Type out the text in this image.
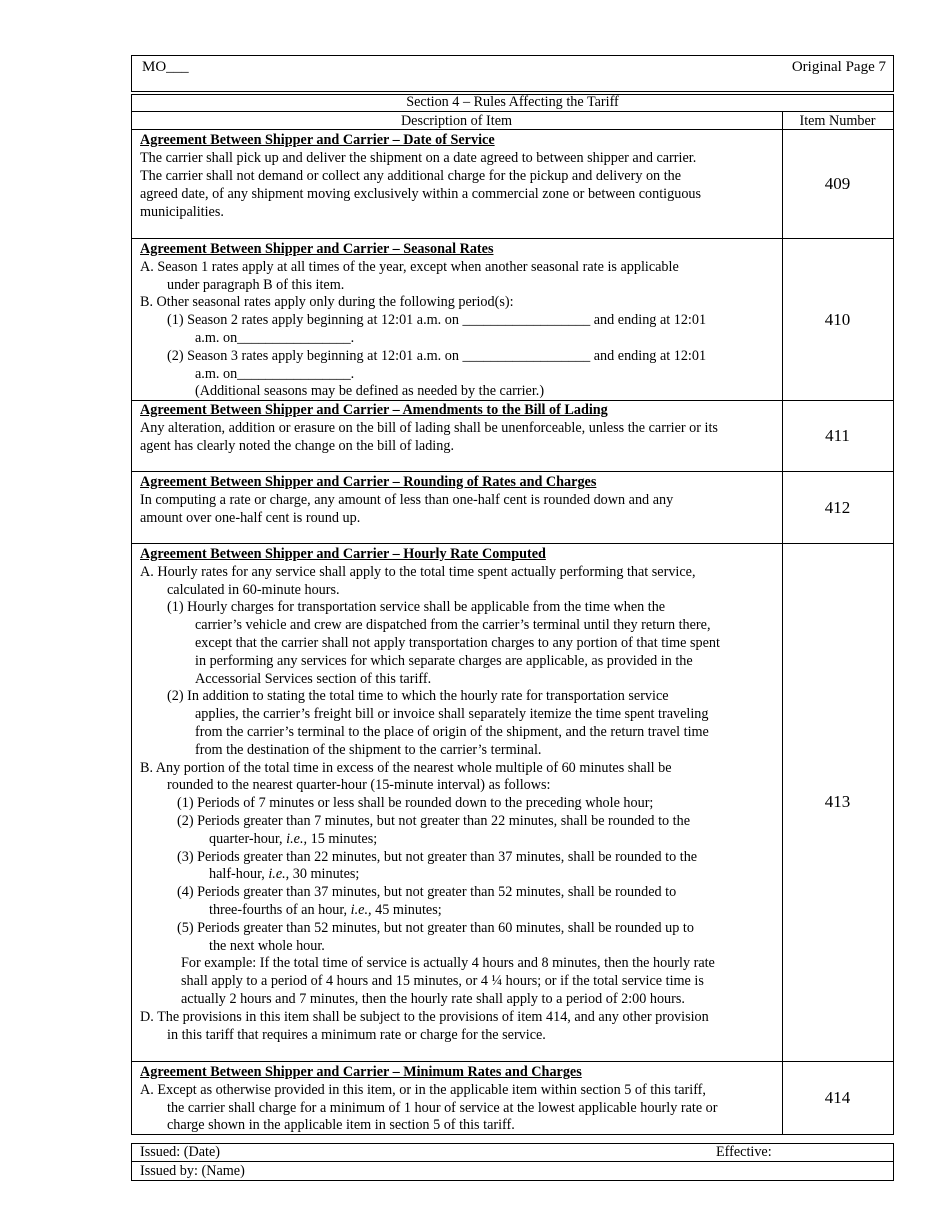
MO___	Original Page 7
Section 4 – Rules Affecting the Tariff
Description of Item	Item Number
Agreement Between Shipper and Carrier – Date of Service
The carrier shall pick up and deliver the shipment on a date agreed to between shipper and carrier.
The carrier shall not demand or collect any additional charge for the pickup and delivery on the
agreed date, of any shipment moving exclusively within a commercial zone or between contiguous
municipalities.
409
Agreement Between Shipper and Carrier – Seasonal Rates
A. Season 1 rates apply at all times of the year, except when another seasonal rate is applicable
under paragraph B of this item.
B. Other seasonal rates apply only during the following period(s):
(1) Season 2 rates apply beginning at 12:01 a.m. on __________________ and ending at 12:01
a.m. on________________.
(2) Season 3 rates apply beginning at 12:01 a.m. on __________________ and ending at 12:01
a.m. on________________.
(Additional seasons may be defined as needed by the carrier.)
410
Agreement Between Shipper and Carrier – Amendments to the Bill of Lading
Any alteration, addition or erasure on the bill of lading shall be unenforceable, unless the carrier or its
agent has clearly noted the change on the bill of lading.
411
Agreement Between Shipper and Carrier – Rounding of Rates and Charges
In computing a rate or charge, any amount of less than one-half cent is rounded down and any
amount over one-half cent is round up.
412
Agreement Between Shipper and Carrier – Hourly Rate Computed
A. Hourly rates for any service shall apply to the total time spent actually performing that service,
calculated in 60-minute hours.
(1) Hourly charges for transportation service shall be applicable from the time when the
carrier’s vehicle and crew are dispatched from the carrier’s terminal until they return there,
except that the carrier shall not apply transportation charges to any portion of that time spent
in performing any services for which separate charges are applicable, as provided in the
Accessorial Services section of this tariff.
(2) In addition to stating the total time to which the hourly rate for transportation service
applies, the carrier’s freight bill or invoice shall separately itemize the time spent traveling
from the carrier’s terminal to the place of origin of the shipment, and the return travel time
from the destination of the shipment to the carrier’s terminal.
B. Any portion of the total time in excess of the nearest whole multiple of 60 minutes shall be
rounded to the nearest quarter-hour (15-minute interval) as follows:
(1) Periods of 7 minutes or less shall be rounded down to the preceding whole hour;
(2) Periods greater than 7 minutes, but not greater than 22 minutes, shall be rounded to the
quarter-hour, i.e., 15 minutes;
(3) Periods greater than 22 minutes, but not greater than 37 minutes, shall be rounded to the
half-hour, i.e., 30 minutes;
(4) Periods greater than 37 minutes, but not greater than 52 minutes, shall be rounded to
three-fourths of an hour, i.e., 45 minutes;
(5) Periods greater than 52 minutes, but not greater than 60 minutes, shall be rounded up to
the next whole hour.
For example: If the total time of service is actually 4 hours and 8 minutes, then the hourly rate
shall apply to a period of 4 hours and 15 minutes, or 4 ¼ hours; or if the total service time is
actually 2 hours and 7 minutes, then the hourly rate shall apply to a period of 2:00 hours.
D. The provisions in this item shall be subject to the provisions of item 414, and any other provision
in this tariff that requires a minimum rate or charge for the service.
413
Agreement Between Shipper and Carrier – Minimum Rates and Charges
A. Except as otherwise provided in this item, or in the applicable item within section 5 of this tariff,
the carrier shall charge for a minimum of 1 hour of service at the lowest applicable hourly rate or
charge shown in the applicable item in section 5 of this tariff.
414
Issued: (Date)	Effective:
Issued by: (Name)
